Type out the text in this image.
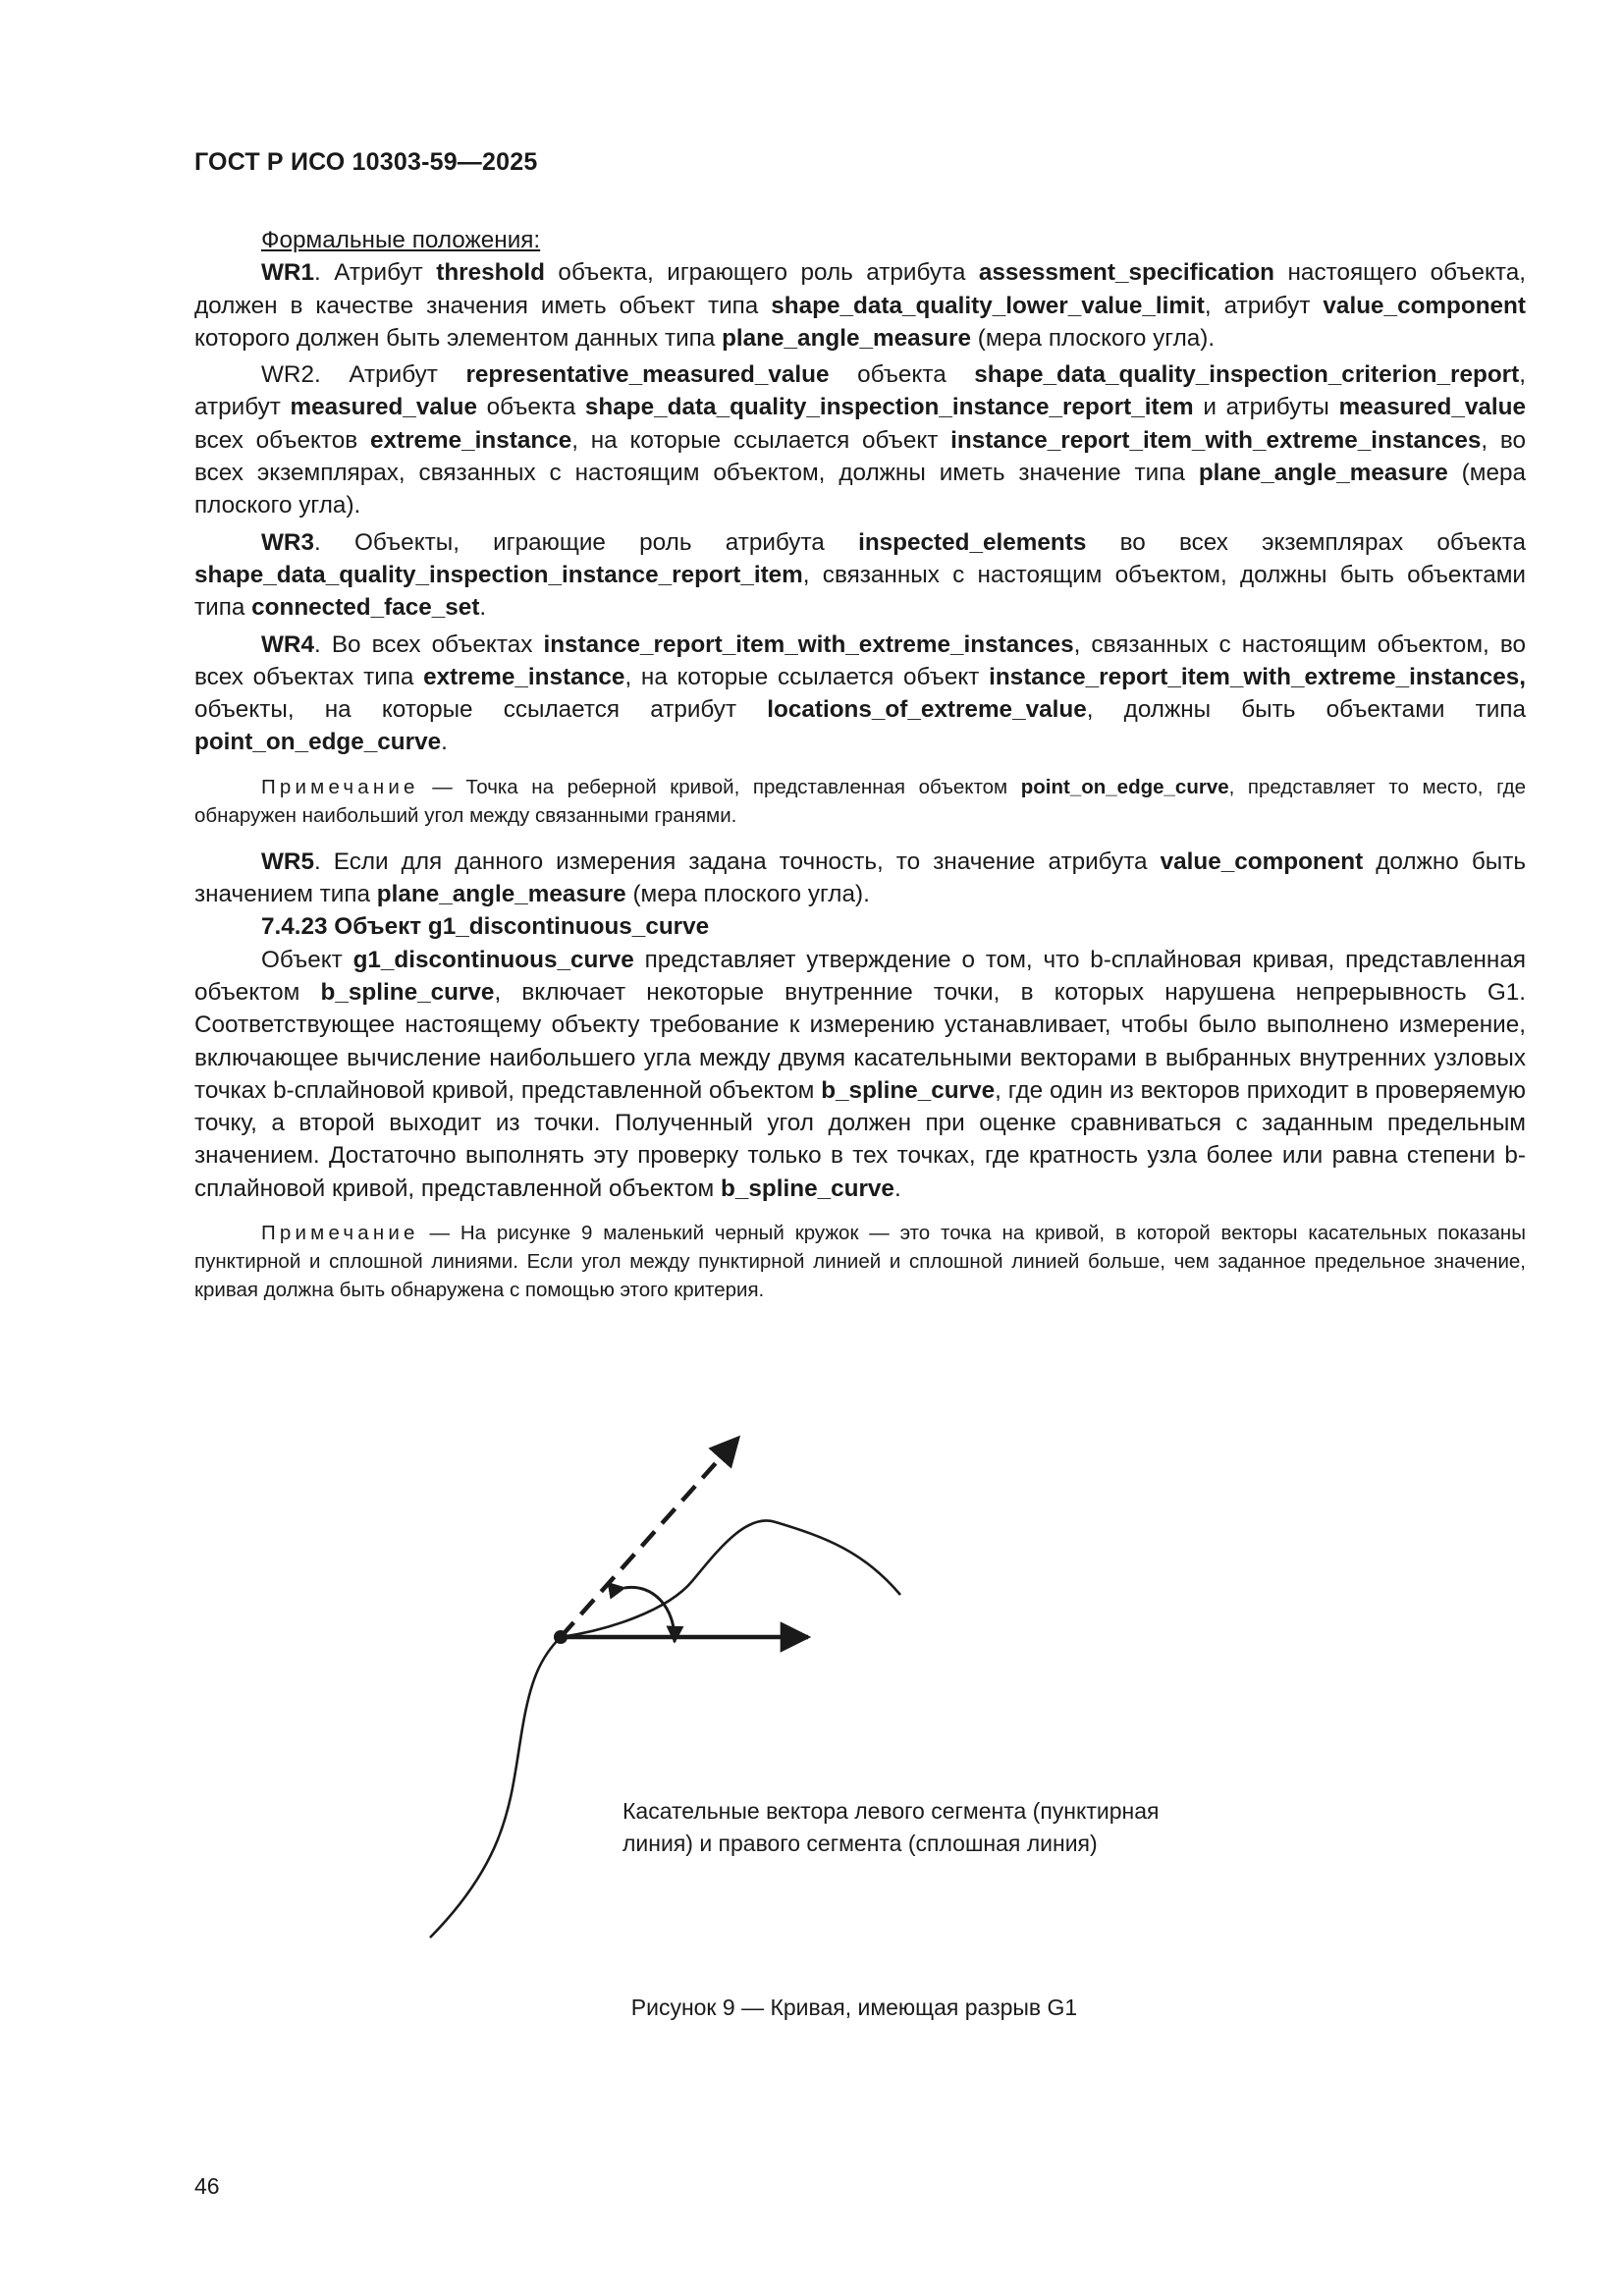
ГОСТ Р ИСО 10303-59—2025

Формальные положения:

WR1. Атрибут threshold объекта, играющего роль атрибута assessment_specification настоящего объекта, должен в качестве значения иметь объект типа shape_data_quality_lower_value_limit, атрибут value_component которого должен быть элементом данных типа plane_angle_measure (мера плоского угла).

WR2. Атрибут representative_measured_value объекта shape_data_quality_inspection_criterion_report, атрибут measured_value объекта shape_data_quality_inspection_instance_report_item и атрибуты measured_value всех объектов extreme_instance, на которые ссылается объект instance_report_item_with_extreme_instances, во всех экземплярах, связанных с настоящим объектом, должны иметь значение типа plane_angle_measure (мера плоского угла).

WR3. Объекты, играющие роль атрибута inspected_elements во всех экземплярах объекта shape_data_quality_inspection_instance_report_item, связанных с настоящим объектом, должны быть объектами типа connected_face_set.

WR4. Во всех объектах instance_report_item_with_extreme_instances, связанных с настоящим объектом, во всех объектах типа extreme_instance, на которые ссылается объект instance_report_item_with_extreme_instances, объекты, на которые ссылается атрибут locations_of_extreme_value, должны быть объектами типа point_on_edge_curve.

Примечание — Точка на реберной кривой, представленная объектом point_on_edge_curve, представляет то место, где обнаружен наибольший угол между связанными гранями.

WR5. Если для данного измерения задана точность, то значение атрибута value_component должно быть значением типа plane_angle_measure (мера плоского угла).

7.4.23 Объект g1_discontinuous_curve

Объект g1_discontinuous_curve представляет утверждение о том, что b-сплайновая кривая, представленная объектом b_spline_curve, включает некоторые внутренние точки, в которых нарушена непрерывность G1. Соответствующее настоящему объекту требование к измерению устанавливает, чтобы было выполнено измерение, включающее вычисление наибольшего угла между двумя касательными векторами в выбранных внутренних узловых точках b-сплайновой кривой, представленной объектом b_spline_curve, где один из векторов приходит в проверяемую точку, а второй выходит из точки. Полученный угол должен при оценке сравниваться с заданным предельным значением. Достаточно выполнять эту проверку только в тех точках, где кратность узла более или равна степени b-сплайновой кривой, представленной объектом b_spline_curve.

Примечание — На рисунке 9 маленький черный кружок — это точка на кривой, в которой векторы касательных показаны пунктирной и сплошной линиями. Если угол между пунктирной линией и сплошной линией больше, чем заданное предельное значение, кривая должна быть обнаружена с помощью этого критерия.

Касательные вектора левого сегмента (пунктирная линия) и правого сегмента (сплошная линия)
Рисунок 9 — Кривая, имеющая разрыв G1
46
